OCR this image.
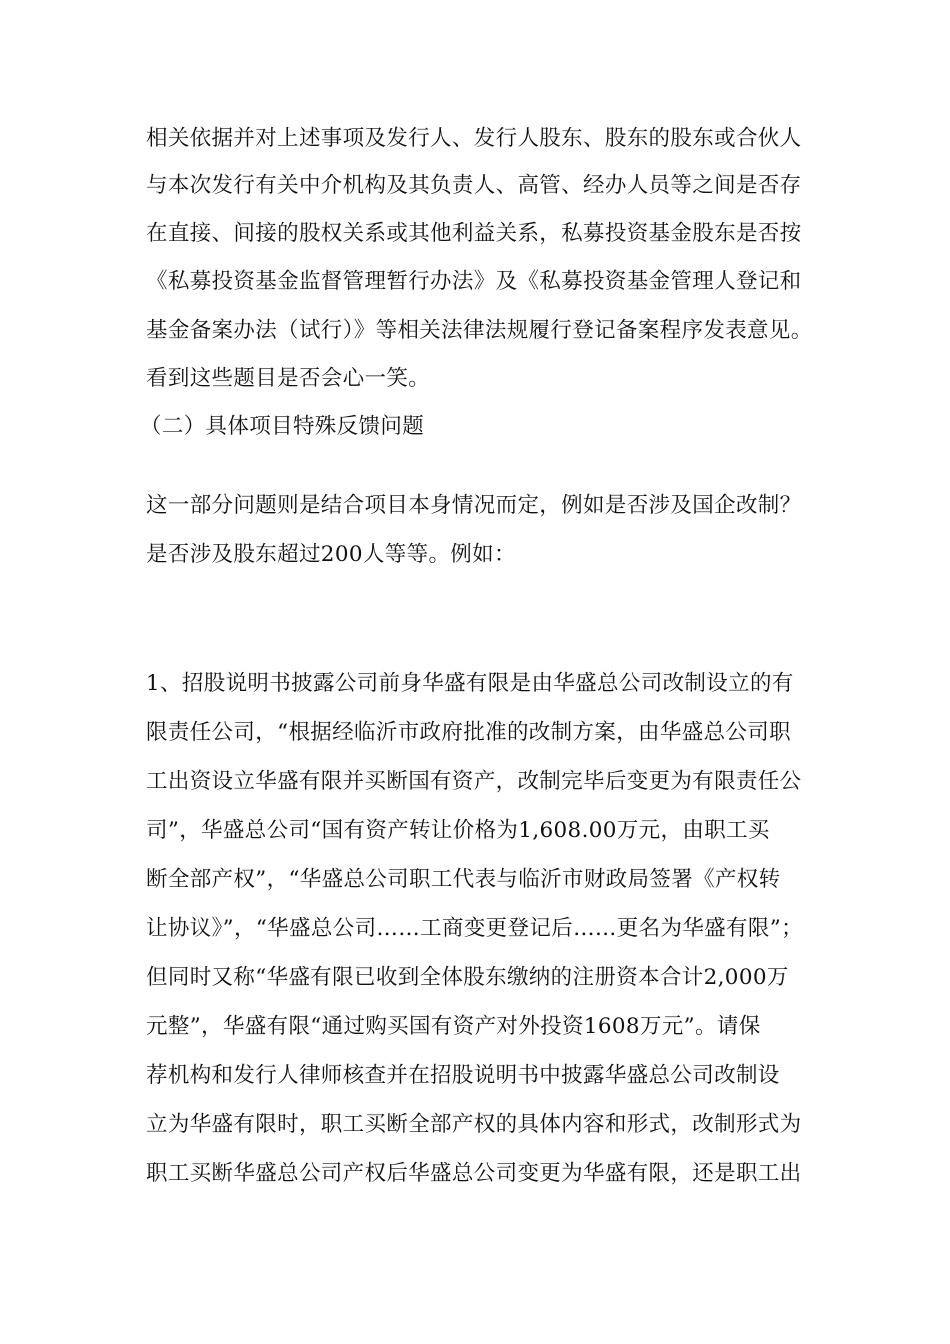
相关依据并对上述事项及发行人、发行人股东、股东的股东或合伙人
与本次发行有关中介机构及其负责人、高管、经办人员等之间是否存
在直接、间接的股权关系或其他利益关系，私募投资基金股东是否按
《私募投资基金监督管理暂行办法》及《私募投资基金管理人登记和
基金备案办法（试行）》等相关法律法规履行登记备案程序发表意见。
看到这些题目是否会心一笑。
（二）具体项目特殊反馈问题
这一部分问题则是结合项目本身情况而定，例如是否涉及国企改制？
是否涉及股东超过200人等等。例如：
1、招股说明书披露公司前身华盛有限是由华盛总公司改制设立的有
限责任公司，“根据经临沂市政府批准的改制方案，由华盛总公司职
工出资设立华盛有限并买断国有资产，改制完毕后变更为有限责任公
司”，华盛总公司“国有资产转让价格为1,608.00万元，由职工买
断全部产权”，“华盛总公司职工代表与临沂市财政局签署《产权转
让协议》”，“华盛总公司……工商变更登记后……更名为华盛有限”；
但同时又称“华盛有限已收到全体股东缴纳的注册资本合计2,000万
元整”，华盛有限“通过购买国有资产对外投资1608万元”。请保
荐机构和发行人律师核查并在招股说明书中披露华盛总公司改制设
立为华盛有限时，职工买断全部产权的具体内容和形式，改制形式为
职工买断华盛总公司产权后华盛总公司变更为华盛有限，还是职工出
